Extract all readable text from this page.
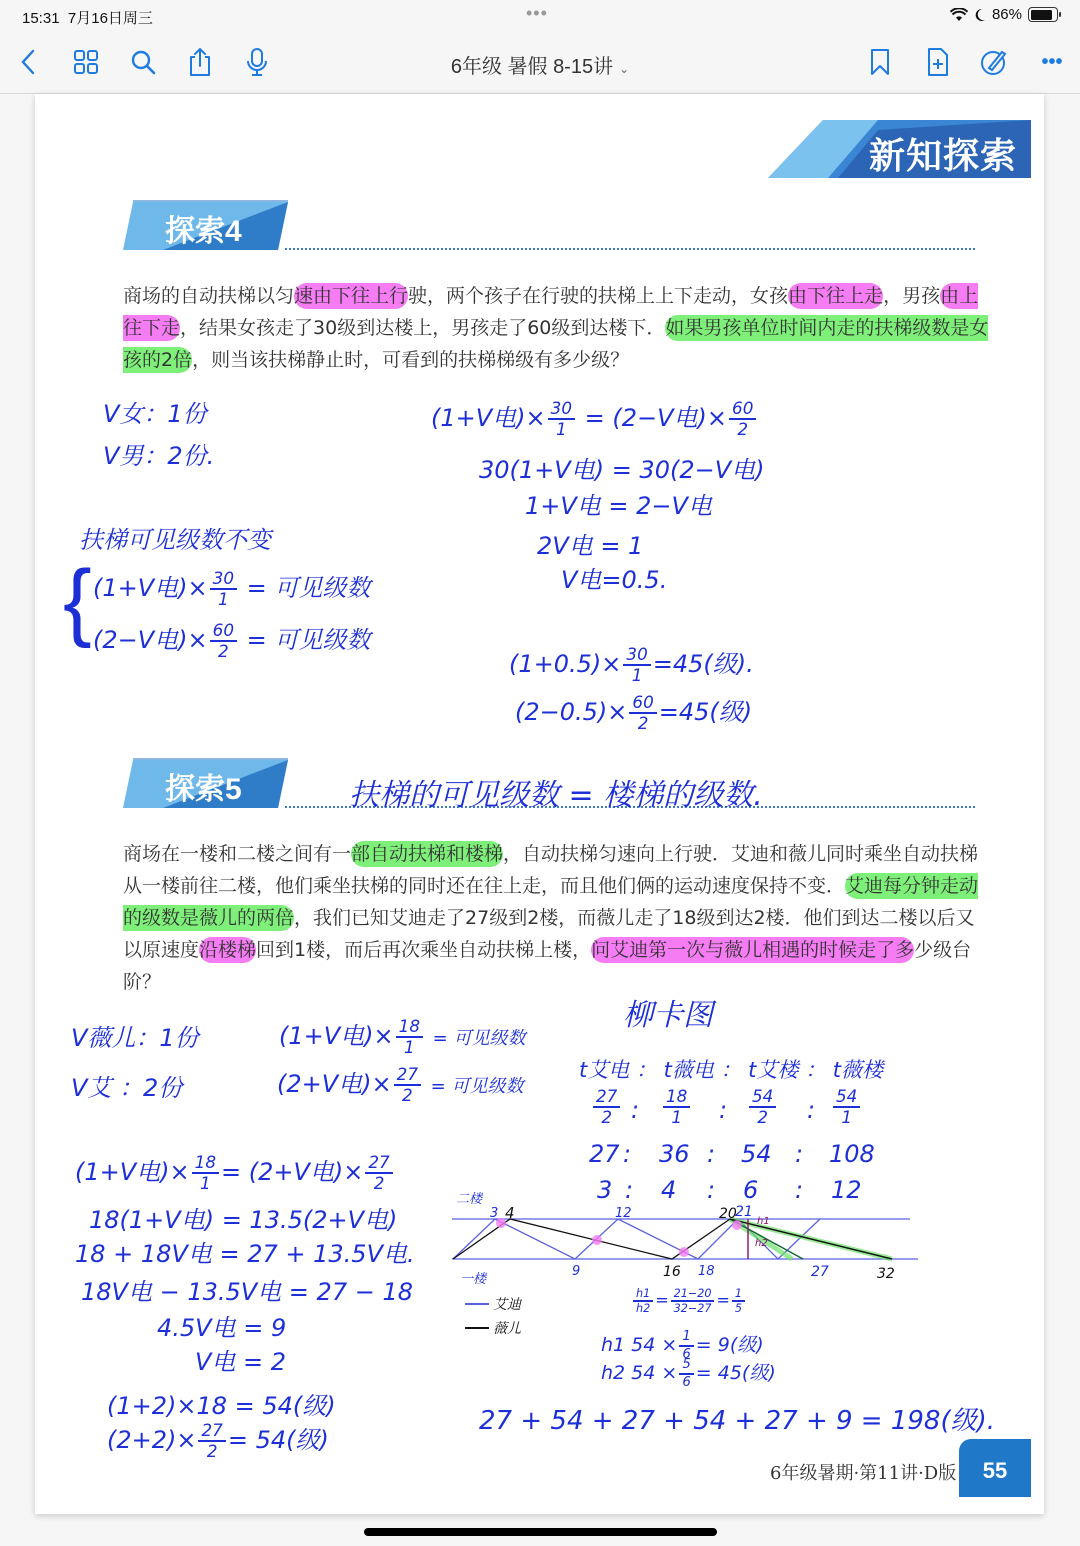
15:31 7月16日周三	•••	86%
6年级 暑假 8-15讲 ⌄	•••
新知探索
探索4
商场的自动扶梯以匀速由下往上行驶，两个孩子在行驶的扶梯上上下走动，女孩由下往上走，男孩由上往下走，结果女孩走了30级到达楼上，男孩走了60级到达楼下．如果男孩单位时间内走的扶梯级数是女孩的2倍，则当该扶梯静止时，可看到的扶梯梯级有多少级？
V女：1份
V男：2份.
扶梯可见级数不变
{ (1+V电)× $\frac{30}{1}$ = 可见级数
(2−V电)× $\frac{60}{2}$ = 可见级数
(1+V电)× $\frac{30}{1} = (2-V$电)× $\frac{60}{2}$
30(1+V电) = 30(2−V电)
1+V电 = 2−V电
2V电 = 1
V电=0.5.
$(1+0.5)\times \frac{30}{1} =45$(级).
$(2-0.5)\times \frac{60}{2} =45$(级)
探索5	扶梯的可见级数 = 楼梯的级数.
商场在一楼和二楼之间有一部自动扶梯和楼梯，自动扶梯匀速向上行驶．艾迪和薇儿同时乘坐自动扶梯从一楼前往二楼，他们乘坐扶梯的同时还在往上走，而且他们俩的运动速度保持不变．艾迪每分钟走动的级数是薇儿的两倍，我们已知艾迪走了27级到2楼，而薇儿走了18级到达2楼．他们到达二楼以后又以原速度沿楼梯回到1楼，而后再次乘坐自动扶梯上楼，问艾迪第一次与薇儿相遇的时候走了多少级台阶？
V薇儿：1份
V艾 ：2份
(1+V电)× $\frac{18}{1}$ = 可见级数
(2+V电)× $\frac{27}{2}$ = 可见级数
(1+V电)× $\frac{18}{1} = (2+V$电)× $\frac{27}{2}$
18(1+V电) = 13.5(2+V电)
18 + 18V电 = 27 + 13.5V电.
18V电 − 13.5V电 = 27 − 18
4.5V电 = 9
V电 = 2
(1+2)×18 = 54(级)
$(2+2)\times \frac{27}{2} = 54$(级)
柳卡图
t艾电 ： t薇电 ： t艾楼 ： t薇楼
$\frac{27}{2}$ : $\frac{18}{1}$ : $\frac{54}{2}$ : $\frac{54}{1}$
27 : 36 : 54 : 108
3 : 4 : 6 : 12
二楼
一楼
3 4	12	20
21
h1
h2
9	16 18	27	32
艾迪
薇儿
$\frac{h1}{h2} = \frac{21-20}{32-27} = \frac{1}{5}$
h1 $54 \times \frac{1}{6} = 9$(级)
h2 $54 \times \frac{5}{6} = 45$(级)
27 + 54 + 27 + 54 + 27 + 9 = 198(级).
6年级暑期·第11讲·D版	55
